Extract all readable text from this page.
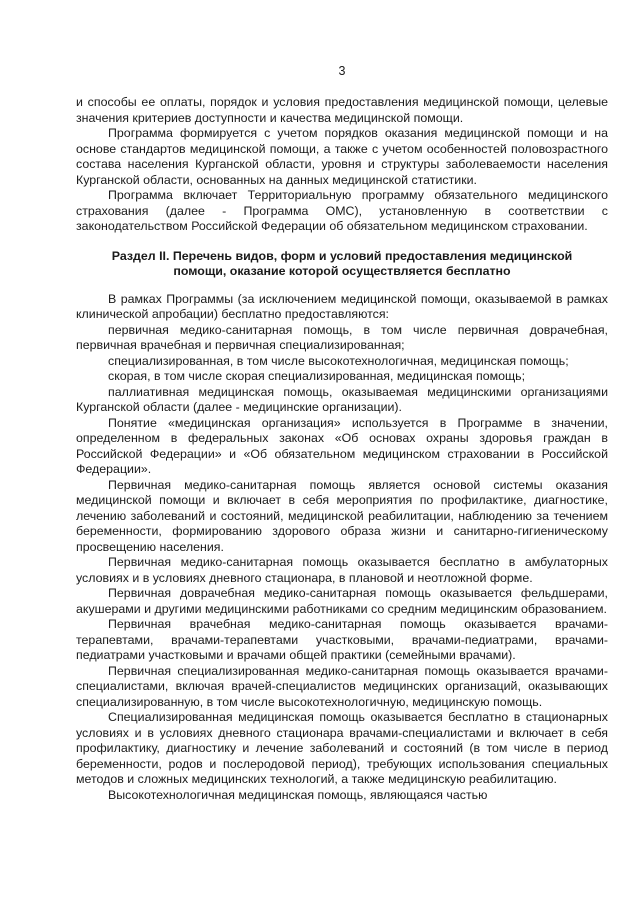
3

и способы ее оплаты, порядок и условия предоставления медицинской помощи, целевые значения критериев доступности и качества медицинской помощи.

Программа формируется с учетом порядков оказания медицинской помощи и на основе стандартов медицинской помощи, а также с учетом особенностей половозрастного состава населения Курганской области, уровня и структуры заболеваемости населения Курганской области, основанных на данных медицинской статистики.

Программа включает Территориальную программу обязательного медицинского страхования (далее - Программа ОМС), установленную в соответствии с законодательством Российской Федерации об обязательном медицинском страховании.

Раздел II. Перечень видов, форм и условий предоставления медицинской помощи, оказание которой осуществляется бесплатно

В рамках Программы (за исключением медицинской помощи, оказываемой в рамках клинической апробации) бесплатно предоставляются:

первичная медико-санитарная помощь, в том числе первичная доврачебная, первичная врачебная и первичная специализированная;

специализированная, в том числе высокотехнологичная, медицинская помощь;

скорая, в том числе скорая специализированная, медицинская помощь;

паллиативная медицинская помощь, оказываемая медицинскими организациями Курганской области (далее - медицинские организации).

Понятие «медицинская организация» используется в Программе в значении, определенном в федеральных законах «Об основах охраны здоровья граждан в Российской Федерации» и «Об обязательном медицинском страховании в Российской Федерации».

Первичная медико-санитарная помощь является основой системы оказания медицинской помощи и включает в себя мероприятия по профилактике, диагностике, лечению заболеваний и состояний, медицинской реабилитации, наблюдению за течением беременности, формированию здорового образа жизни и санитарно-гигиеническому просвещению населения.

Первичная медико-санитарная помощь оказывается бесплатно в амбулаторных условиях и в условиях дневного стационара, в плановой и неотложной форме.

Первичная доврачебная медико-санитарная помощь оказывается фельдшерами, акушерами и другими медицинскими работниками со средним медицинским образованием.

Первичная врачебная медико-санитарная помощь оказывается врачами-терапевтами, врачами-терапевтами участковыми, врачами-педиатрами, врачами-педиатрами участковыми и врачами общей практики (семейными врачами).

Первичная специализированная медико-санитарная помощь оказывается врачами-специалистами, включая врачей-специалистов медицинских организаций, оказывающих специализированную, в том числе высокотехнологичную, медицинскую помощь.

Специализированная медицинская помощь оказывается бесплатно в стационарных условиях и в условиях дневного стационара врачами-специалистами и включает в себя профилактику, диагностику и лечение заболеваний и состояний (в том числе в период беременности, родов и послеродовой период), требующих использования специальных методов и сложных медицинских технологий, а также медицинскую реабилитацию.

Высокотехнологичная медицинская помощь, являющаяся частью
